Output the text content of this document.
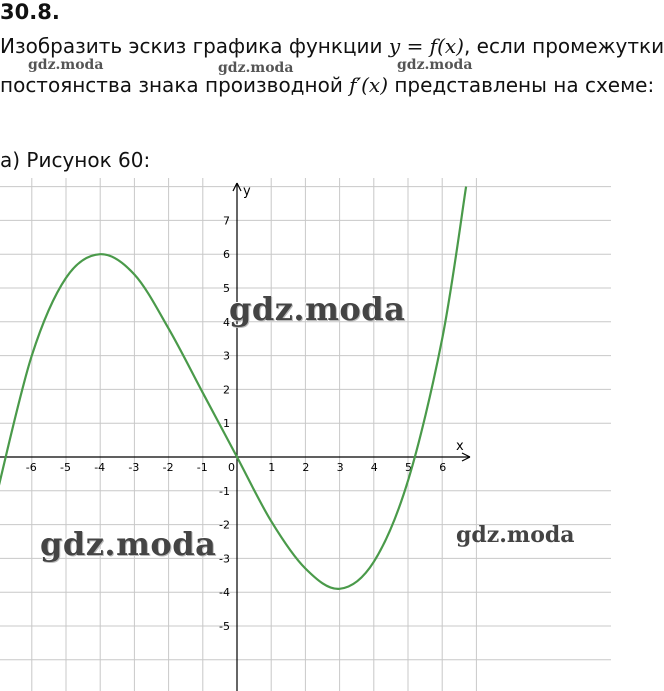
30.8.
Изобразить эскиз графика функции y = f(x), если промежутки
постоянства знака производной f′(x) представлены на схеме:
а) Рисунок 60:
x
y
-6 -5 -4 -3 -2 -1 0	1 2 3 4 5 6
7
6
5
4
3
2
1
-1
-2
-3
-4
-5
gdz.moda	gdz.moda	gdz.moda
gdz.moda
gdz.moda	gdz.moda
